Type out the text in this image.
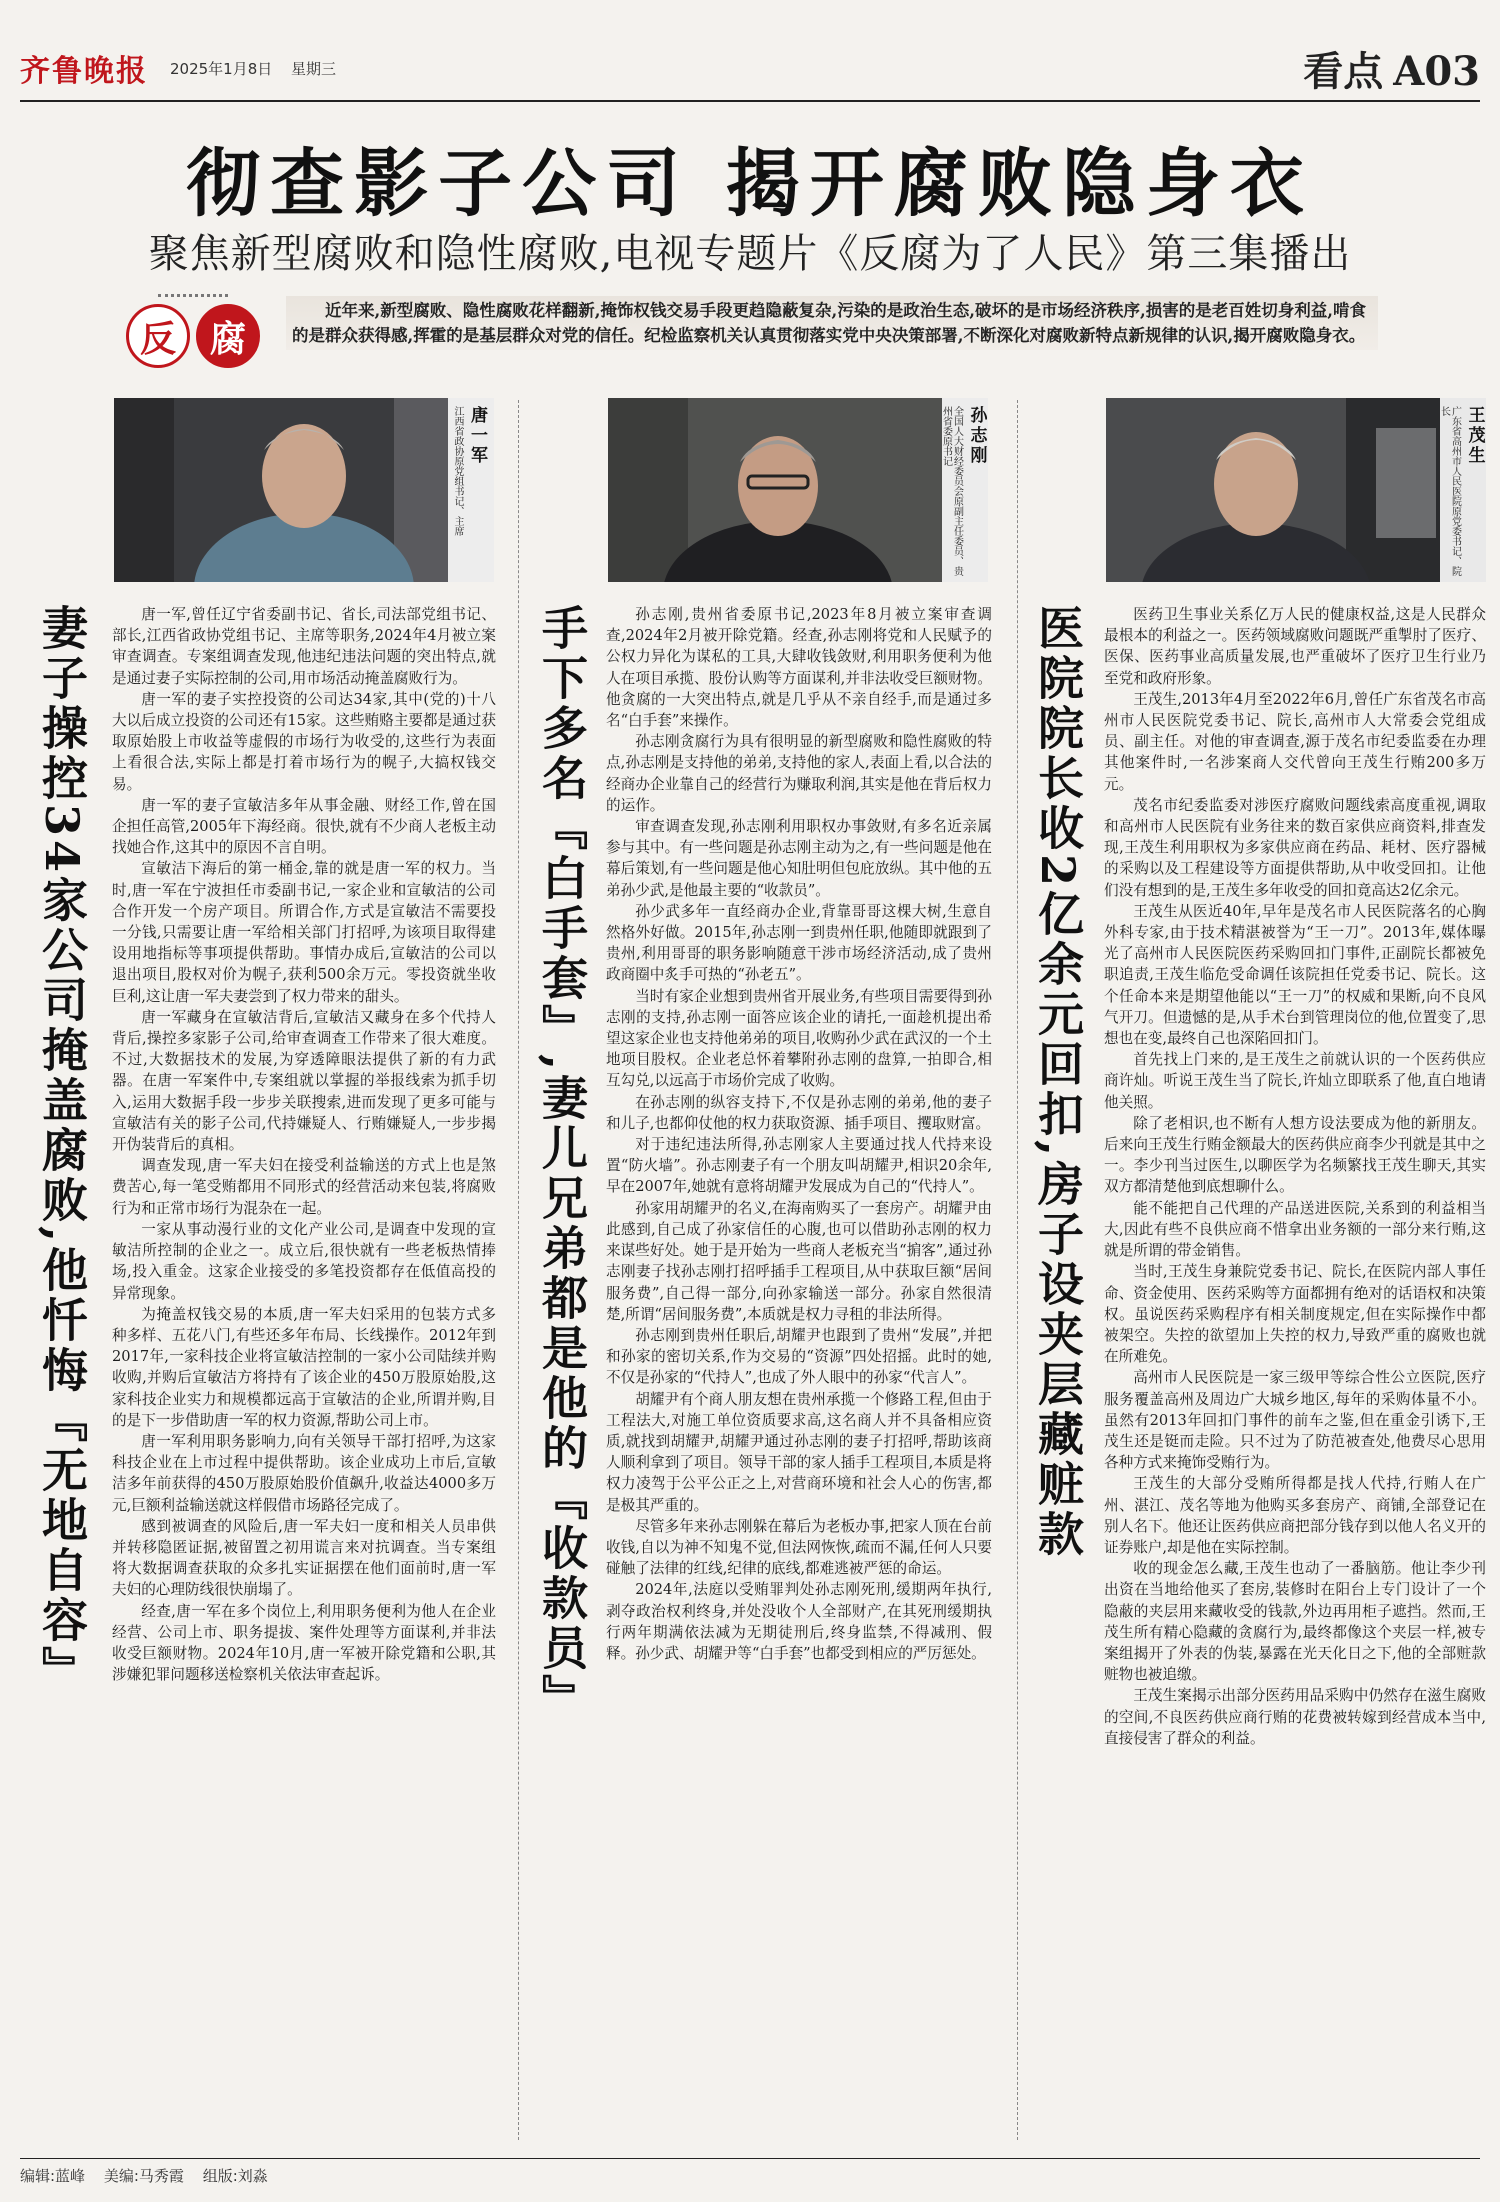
齐鲁晚报 2025年1月8日 星期三	看点 A03
彻查影子公司 揭开腐败隐身衣
聚焦新型腐败和隐性腐败,电视专题片《反腐为了人民》第三集播出
反 腐
近年来,新型腐败、隐性腐败花样翻新,掩饰权钱交易手段更趋隐蔽复杂,污染的是政治生态,破坏的是市场经济秩序,损害的是老百姓切身利益,啃食的是群众获得感,挥霍的是基层群众对党的信任。纪检监察机关认真贯彻落实党中央决策部署,不断深化对腐败新特点新规律的认识,揭开腐败隐身衣。
唐一军
江西省政协原党组书记、主席	孙志刚
全国人大财经委员会原副主任委员、贵州省委原书记	王茂生
广东省高州市人民医院原党委书记、院长
妻子操控34家公司掩盖腐败,他忏悔『无地自容』	唐一军,曾任辽宁省委副书记、省长,司法部党组书记、部长,江西省政协党组书记、主席等职务,2024年4月被立案审查调查。专案组调查发现,他违纪违法问题的突出特点,就是通过妻子实际控制的公司,用市场活动掩盖腐败行为。

唐一军的妻子实控投资的公司达34家,其中(党的)十八大以后成立投资的公司还有15家。这些贿赂主要都是通过获取原始股上市收益等虚假的市场行为收受的,这些行为表面上看很合法,实际上都是打着市场行为的幌子,大搞权钱交易。

唐一军的妻子宣敏洁多年从事金融、财经工作,曾在国企担任高管,2005年下海经商。很快,就有不少商人老板主动找她合作,这其中的原因不言自明。

宣敏洁下海后的第一桶金,靠的就是唐一军的权力。当时,唐一军在宁波担任市委副书记,一家企业和宣敏洁的公司合作开发一个房产项目。所谓合作,方式是宣敏洁不需要投一分钱,只需要让唐一军给相关部门打招呼,为该项目取得建设用地指标等事项提供帮助。事情办成后,宣敏洁的公司以退出项目,股权对价为幌子,获利500余万元。零投资就坐收巨利,这让唐一军夫妻尝到了权力带来的甜头。

唐一军藏身在宣敏洁背后,宣敏洁又藏身在多个代持人背后,操控多家影子公司,给审查调查工作带来了很大难度。不过,大数据技术的发展,为穿透障眼法提供了新的有力武器。在唐一军案件中,专案组就以掌握的举报线索为抓手切入,运用大数据手段一步步关联搜索,进而发现了更多可能与宣敏洁有关的影子公司,代持嫌疑人、行贿嫌疑人,一步步揭开伪装背后的真相。

调查发现,唐一军夫妇在接受利益输送的方式上也是煞费苦心,每一笔受贿都用不同形式的经营活动来包装,将腐败行为和正常市场行为混杂在一起。

一家从事动漫行业的文化产业公司,是调查中发现的宣敏洁所控制的企业之一。成立后,很快就有一些老板热情捧场,投入重金。这家企业接受的多笔投资都存在低值高投的异常现象。

为掩盖权钱交易的本质,唐一军夫妇采用的包装方式多种多样、五花八门,有些还多年布局、长线操作。2012年到2017年,一家科技企业将宣敏洁控制的一家小公司陆续并购收购,并购后宣敏洁方将持有了该企业的450万股原始股,这家科技企业实力和规模都远高于宣敏洁的企业,所谓并购,目的是下一步借助唐一军的权力资源,帮助公司上市。

唐一军利用职务影响力,向有关领导干部打招呼,为这家科技企业在上市过程中提供帮助。该企业成功上市后,宣敏洁多年前获得的450万股原始股价值飙升,收益达4000多万元,巨额利益输送就这样假借市场路径完成了。

感到被调查的风险后,唐一军夫妇一度和相关人员串供并转移隐匿证据,被留置之初用谎言来对抗调查。当专案组将大数据调查获取的众多扎实证据摆在他们面前时,唐一军夫妇的心理防线很快崩塌了。

经查,唐一军在多个岗位上,利用职务便利为他人在企业经营、公司上市、职务提拔、案件处理等方面谋利,并非法收受巨额财物。2024年10月,唐一军被开除党籍和公职,其涉嫌犯罪问题移送检察机关依法审查起诉。	手下多名『白手套』,妻儿兄弟都是他的『收款员』	孙志刚,贵州省委原书记,2023年8月被立案审查调查,2024年2月被开除党籍。经查,孙志刚将党和人民赋予的公权力异化为谋私的工具,大肆收钱敛财,利用职务便利为他人在项目承揽、股份认购等方面谋利,并非法收受巨额财物。他贪腐的一大突出特点,就是几乎从不亲自经手,而是通过多名“白手套”来操作。

孙志刚贪腐行为具有很明显的新型腐败和隐性腐败的特点,孙志刚是支持他的弟弟,支持他的家人,表面上看,以合法的经商办企业靠自己的经营行为赚取利润,其实是他在背后权力的运作。

审查调查发现,孙志刚利用职权办事敛财,有多名近亲属参与其中。有一些问题是孙志刚主动为之,有一些问题是他在幕后策划,有一些问题是他心知肚明但包庇放纵。其中他的五弟孙少武,是他最主要的“收款员”。

孙少武多年一直经商办企业,背靠哥哥这棵大树,生意自然格外好做。2015年,孙志刚一到贵州任职,他随即就跟到了贵州,利用哥哥的职务影响随意干涉市场经济活动,成了贵州政商圈中炙手可热的“孙老五”。

当时有家企业想到贵州省开展业务,有些项目需要得到孙志刚的支持,孙志刚一面答应该企业的请托,一面趁机提出希望这家企业也支持他弟弟的项目,收购孙少武在武汉的一个土地项目股权。企业老总怀着攀附孙志刚的盘算,一拍即合,相互勾兑,以远高于市场价完成了收购。

在孙志刚的纵容支持下,不仅是孙志刚的弟弟,他的妻子和儿子,也都仰仗他的权力获取资源、插手项目、攫取财富。

对于违纪违法所得,孙志刚家人主要通过找人代持来设置“防火墙”。孙志刚妻子有一个朋友叫胡耀尹,相识20余年,早在2007年,她就有意将胡耀尹发展成为自己的“代持人”。

孙家用胡耀尹的名义,在海南购买了一套房产。胡耀尹由此感到,自己成了孙家信任的心腹,也可以借助孙志刚的权力来谋些好处。她于是开始为一些商人老板充当“掮客”,通过孙志刚妻子找孙志刚打招呼插手工程项目,从中获取巨额“居间服务费”,自己得一部分,向孙家输送一部分。孙家自然很清楚,所谓“居间服务费”,本质就是权力寻租的非法所得。

孙志刚到贵州任职后,胡耀尹也跟到了贵州“发展”,并把和孙家的密切关系,作为交易的“资源”四处招摇。此时的她,不仅是孙家的“代持人”,也成了外人眼中的孙家“代言人”。

胡耀尹有个商人朋友想在贵州承揽一个修路工程,但由于工程法大,对施工单位资质要求高,这名商人并不具备相应资质,就找到胡耀尹,胡耀尹通过孙志刚的妻子打招呼,帮助该商人顺利拿到了项目。领导干部的家人插手工程项目,本质是将权力凌驾于公平公正之上,对营商环境和社会人心的伤害,都是极其严重的。

尽管多年来孙志刚躲在幕后为老板办事,把家人顶在台前收钱,自以为神不知鬼不觉,但法网恢恢,疏而不漏,任何人只要碰触了法律的红线,纪律的底线,都难逃被严惩的命运。

2024年,法庭以受贿罪判处孙志刚死刑,缓期两年执行,剥夺政治权利终身,并处没收个人全部财产,在其死刑缓期执行两年期满依法减为无期徒刑后,终身监禁,不得减刑、假释。孙少武、胡耀尹等“白手套”也都受到相应的严厉惩处。

医院院长收2亿余元回扣,房子设夹层藏赃款	医药卫生事业关系亿万人民的健康权益,这是人民群众最根本的利益之一。医药领域腐败问题既严重掣肘了医疗、医保、医药事业高质量发展,也严重破坏了医疗卫生行业乃至党和政府形象。

王茂生,2013年4月至2022年6月,曾任广东省茂名市高州市人民医院党委书记、院长,高州市人大常委会党组成员、副主任。对他的审查调查,源于茂名市纪委监委在办理其他案件时,一名涉案商人交代曾向王茂生行贿200多万元。

茂名市纪委监委对涉医疗腐败问题线索高度重视,调取和高州市人民医院有业务往来的数百家供应商资料,排查发现,王茂生利用职权为多家供应商在药品、耗材、医疗器械的采购以及工程建设等方面提供帮助,从中收受回扣。让他们没有想到的是,王茂生多年收受的回扣竟高达2亿余元。

王茂生从医近40年,早年是茂名市人民医院落名的心胸外科专家,由于技术精湛被誉为“王一刀”。2013年,媒体曝光了高州市人民医院医药采购回扣门事件,正副院长都被免职追责,王茂生临危受命调任该院担任党委书记、院长。这个任命本来是期望他能以“王一刀”的权威和果断,向不良风气开刀。但遗憾的是,从手术台到管理岗位的他,位置变了,思想也在变,最终自己也深陷回扣门。

首先找上门来的,是王茂生之前就认识的一个医药供应商许灿。听说王茂生当了院长,许灿立即联系了他,直白地请他关照。

除了老相识,也不断有人想方设法要成为他的新朋友。后来向王茂生行贿金额最大的医药供应商李少刊就是其中之一。李少刊当过医生,以聊医学为名频繁找王茂生聊天,其实双方都清楚他到底想聊什么。

能不能把自己代理的产品送进医院,关系到的利益相当大,因此有些不良供应商不惜拿出业务额的一部分来行贿,这就是所谓的带金销售。

当时,王茂生身兼院党委书记、院长,在医院内部人事任命、资金使用、医药采购等方面都拥有绝对的话语权和决策权。虽说医药采购程序有相关制度规定,但在实际操作中都被架空。失控的欲望加上失控的权力,导致严重的腐败也就在所难免。

高州市人民医院是一家三级甲等综合性公立医院,医疗服务覆盖高州及周边广大城乡地区,每年的采购体量不小。虽然有2013年回扣门事件的前车之鉴,但在重金引诱下,王茂生还是铤而走险。只不过为了防范被查处,他费尽心思用各种方式来掩饰受贿行为。

王茂生的大部分受贿所得都是找人代持,行贿人在广州、湛江、茂名等地为他购买多套房产、商铺,全部登记在别人名下。他还让医药供应商把部分钱存到以他人名义开的证券账户,却是他在实际控制。

收的现金怎么藏,王茂生也动了一番脑筋。他让李少刊出资在当地给他买了套房,装修时在阳台上专门设计了一个隐蔽的夹层用来藏收受的钱款,外边再用柜子遮挡。然而,王茂生所有精心隐藏的贪腐行为,最终都像这个夹层一样,被专案组揭开了外表的伪装,暴露在光天化日之下,他的全部赃款赃物也被追缴。

王茂生案揭示出部分医药用品采购中仍然存在滋生腐败的空间,不良医药供应商行贿的花费被转嫁到经营成本当中,直接侵害了群众的利益。

编辑:蓝峰 美编:马秀霞 组版:刘淼
